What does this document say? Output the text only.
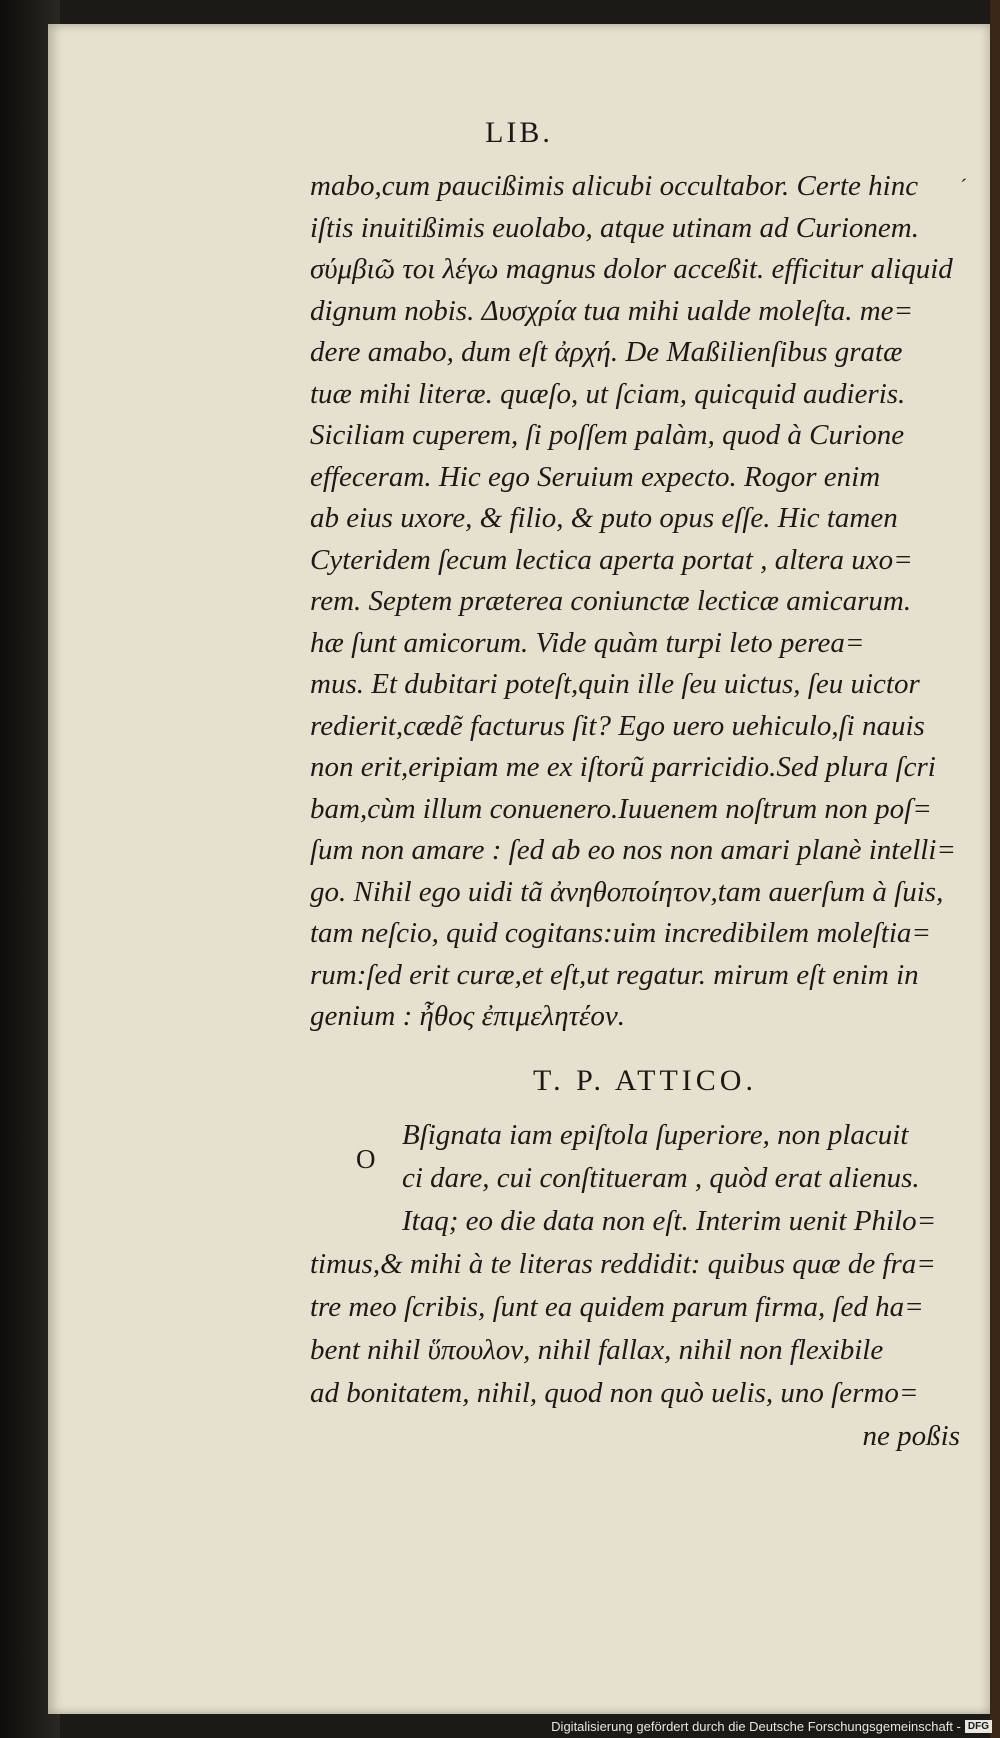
LIB.
´
mabo,cum paucißimis alicubi occultabor. Certe hinc
iſtis inuitißimis euolabo, atque utinam ad Curionem.
σύμβιῶ τοι λέγω magnus dolor acceßit. efficitur aliquid
dignum nobis. Δυσχρία tua mihi ualde moleſta. me=
dere amabo, dum eſt ἀρχή. De Maßilienſibus gratæ
tuæ mihi literæ. quæſo, ut ſciam, quicquid audieris.
Siciliam cuperem, ſi poſſem palàm, quod à Curione
effeceram. Hic ego Seruium expecto. Rogor enim
ab eius uxore, & filio, & puto opus eſſe. Hic tamen
Cyteridem ſecum lectica aperta portat , altera uxo=
rem. Septem præterea coniunctæ lecticæ amicarum.
hæ ſunt amicorum. Vide quàm turpi leto perea=
mus. Et dubitari poteſt,quin ille ſeu uictus, ſeu uictor
redierit,cædẽ facturus ſit? Ego uero uehiculo,ſi nauis
non erit,eripiam me ex iſtorũ parricidio.Sed plura ſcri
bam,cùm illum conuenero.Iuuenem noſtrum non poſ=
ſum non amare : ſed ab eo nos non amari planè intelli=
go. Nihil ego uidi tã ἀνηθοποίητον,tam auerſum à ſuis,
tam neſcio, quid cogitans:uim incredibilem moleſtia=
rum:ſed erit curæ,et eſt,ut regatur. mirum eſt enim in
genium : ἦθος ἐπιμελητέον.
T. P. ATTICO.
O
Bſignata iam epiſtola ſuperiore, non placuit
ci dare, cui conſtitueram , quòd erat alienus.
Itaq; eo die data non eſt. Interim uenit Philo=
timus,& mihi à te literas reddidit: quibus quæ de fra=
tre meo ſcribis, ſunt ea quidem parum firma, ſed ha=
bent nihil ὕπουλον, nihil fallax, nihil non flexibile
ad bonitatem, nihil, quod non quò uelis, uno ſermo=
ne poßis
Digitalisierung gefördert durch die Deutsche Forschungsgemeinschaft - DFG
